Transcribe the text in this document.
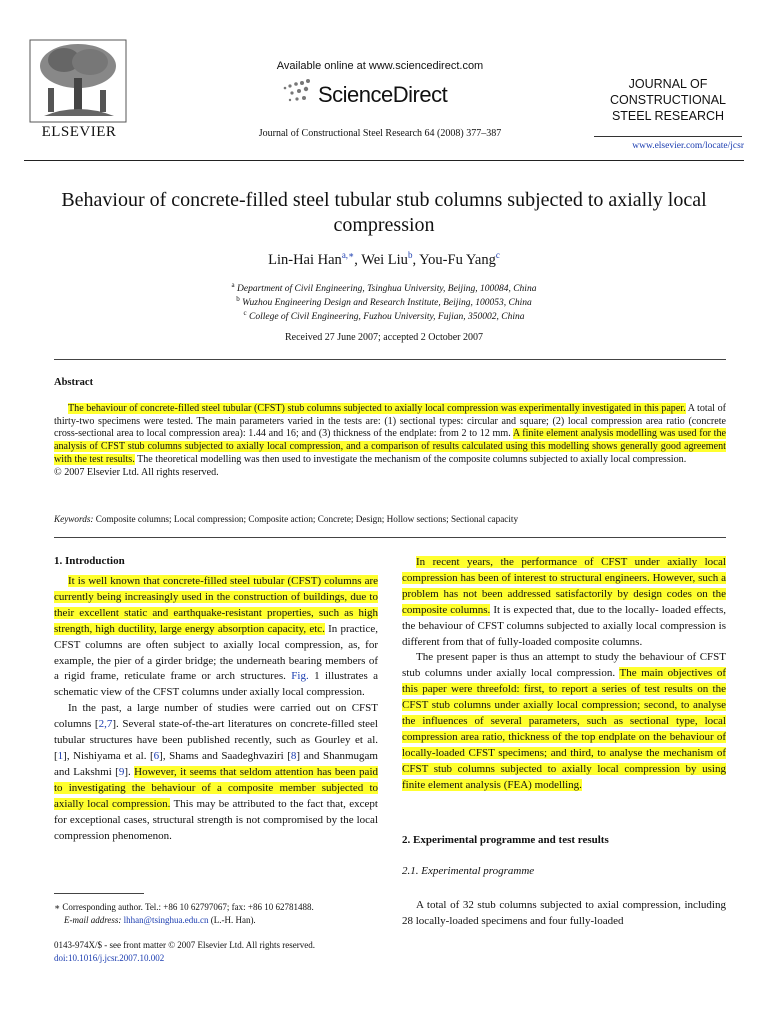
ELSEVIER
Available online at www.sciencedirect.com
ScienceDirect
Journal of Constructional Steel Research 64 (2008) 377–387
JOURNAL OF
CONSTRUCTIONAL
STEEL RESEARCH
www.elsevier.com/locate/jcsr
Behaviour of concrete-filled steel tubular stub columns subjected to axially local compression
Lin-Hai Han$^{a,∗}$, Wei Liu$^b$, You-Fu Yang$^c$
$^a$ Department of Civil Engineering, Tsinghua University, Beijing, 100084, China
$^b$ Wuzhou Engineering Design and Research Institute, Beijing, 100053, China
$^c$ College of Civil Engineering, Fuzhou University, Fujian, 350002, China
Received 27 June 2007; accepted 2 October 2007
Abstract

The behaviour of concrete-filled steel tubular (CFST) stub columns subjected to axially local compression was experimentally investigated in this paper. A total of thirty-two specimens were tested. The main parameters varied in the tests are: (1) sectional types: circular and square; (2) local compression area ratio (concrete cross-sectional area to local compression area): 1.44 and 16; and (3) thickness of the endplate: from 2 to 12 mm. A finite element analysis modelling was used for the analysis of CFST stub columns subjected to axially local compression, and a comparison of results calculated using this modelling shows generally good agreement with the test results. The theoretical modelling was then used to investigate the mechanism of the composite columns subjected to axially local compression.
© 2007 Elsevier Ltd. All rights reserved.

Keywords: Composite columns; Local compression; Composite action; Concrete; Design; Hollow sections; Sectional capacity
1. Introduction

It is well known that concrete-filled steel tubular (CFST) columns are currently being increasingly used in the construction of buildings, due to their excellent static and earthquake-resistant properties, such as high strength, high ductility, large energy absorption capacity, etc. In practice, CFST columns are often subject to axially local compression, as, for example, the pier of a girder bridge; the underneath bearing members of a rigid frame, reticulate frame or arch structures. Fig. 1 illustrates a schematic view of the CFST columns under axially local compression.

In the past, a large number of studies were carried out on CFST columns [2,7]. Several state-of-the-art literatures on concrete-filled steel tubular structures have been published recently, such as Gourley et al. [1], Nishiyama et al. [6], Shams and Saadeghvaziri [8] and Shanmugam and Lakshmi [9]. However, it seems that seldom attention has been paid to investigating the behaviour of a composite member subjected to axially local compression. This may be attributed to the fact that, except for exceptional cases, structural strength is not compromised by the local compression phenomenon.

In recent years, the performance of CFST under axially local compression has been of interest to structural engineers. However, such a problem has not been addressed satisfactorily by design codes on the composite columns. It is expected that, due to the locally- loaded effects, the behaviour of CFST columns subjected to axially local compression is different from that of fully-loaded composite columns.

The present paper is thus an attempt to study the behaviour of CFST stub columns under axially local compression. The main objectives of this paper were threefold: first, to report a series of test results on the CFST stub columns under axially local compression; second, to analyse the influences of several parameters, such as sectional type, local compression area ratio, thickness of the top endplate on the behaviour of locally-loaded CFST specimens; and third, to analyse the mechanism of CFST stub columns subjected to axially local compression by using finite element analysis (FEA) modelling.

2. Experimental programme and test results
2.1. Experimental programme

A total of 32 stub columns subjected to axial compression, including 28 locally-loaded specimens and four fully-loaded

∗ Corresponding author. Tel.: +86 10 62797067; fax: +86 10 62781488.
E-mail address: lhhan@tsinghua.edu.cn (L.-H. Han).
0143-974X/$ - see front matter © 2007 Elsevier Ltd. All rights reserved.
doi:10.1016/j.jcsr.2007.10.002
